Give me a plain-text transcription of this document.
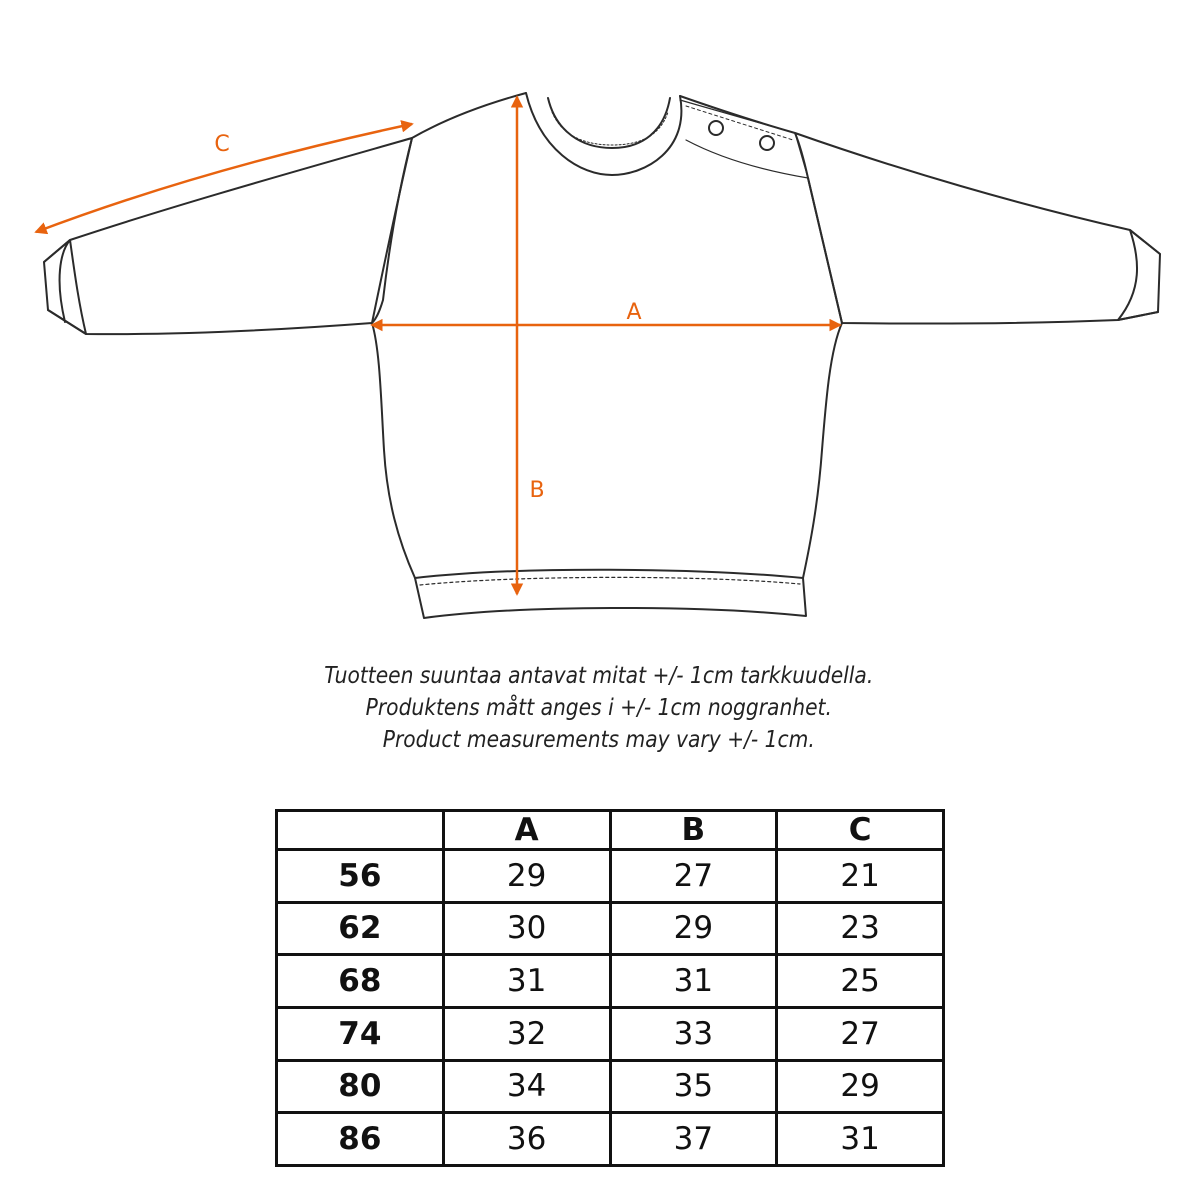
A
B
C
Tuotteen suuntaa antavat mitat +/- 1cm tarkkuudella.
Produktens mått anges i +/- 1cm noggranhet.
Product measurements may vary +/- 1cm.
	A	B	C
56	29	27	21
62	30	29	23
68	31	31	25
74	32	33	27
80	34	35	29
86	36	37	31
